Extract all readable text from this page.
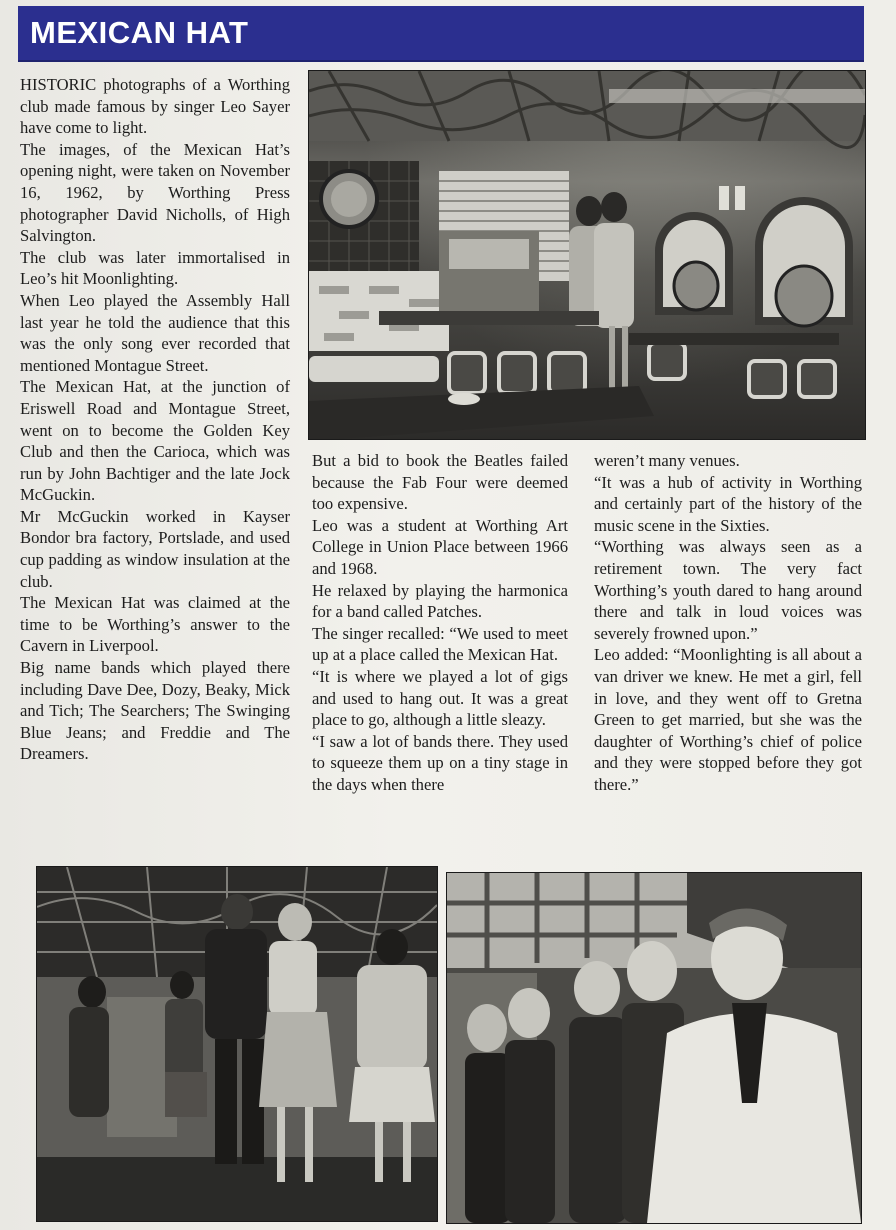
MEXICAN HAT

HISTORIC photographs of a Worthing club made famous by singer Leo Sayer have come to light.

The images, of the Mexican Hat’s opening night, were taken on November 16, 1962, by Worthing Press photographer David Nicholls, of High Salvington.

The club was later immortalised in Leo’s hit Moonlighting.

When Leo played the Assembly Hall last year he told the audience that this was the only song ever recorded that mentioned Montague Street.

The Mexican Hat, at the junction of Eriswell Road and Montague Street, went on to become the Golden Key Club and then the Carioca, which was run by John Bachtiger and the late Jock McGuckin.

Mr McGuckin worked in Kayser Bondor bra factory, Portslade, and used cup padding as window insulation at the club.

The Mexican Hat was claimed at the time to be Worthing’s answer to the Cavern in Liverpool.

Big name bands which played there including Dave Dee, Dozy, Beaky, Mick and Tich; The Searchers; The Swinging Blue Jeans; and Freddie and The Dreamers.

But a bid to book the Beatles failed because the Fab Four were deemed too expensive.

Leo was a student at Worthing Art College in Union Place between 1966 and 1968.

He relaxed by playing the harmonica for a band called Patches.

The singer recalled: “We used to meet up at a place called the Mexican Hat.

“It is where we played a lot of gigs and used to hang out. It was a great place to go, although a little sleazy.

“I saw a lot of bands there. They used to squeeze them up on a tiny stage in the days when there

weren’t many venues.

“It was a hub of activity in Worthing and certainly part of the history of the music scene in the Sixties.

“Worthing was always seen as a retirement town. The very fact Worthing’s youth dared to hang around there and talk in loud voices was severely frowned upon.”

Leo added: “Moonlighting is all about a van driver we knew. He met a girl, fell in love, and they went off to Gretna Green to get married, but she was the daughter of Worthing’s chief of police and they were stopped before they got there.”
